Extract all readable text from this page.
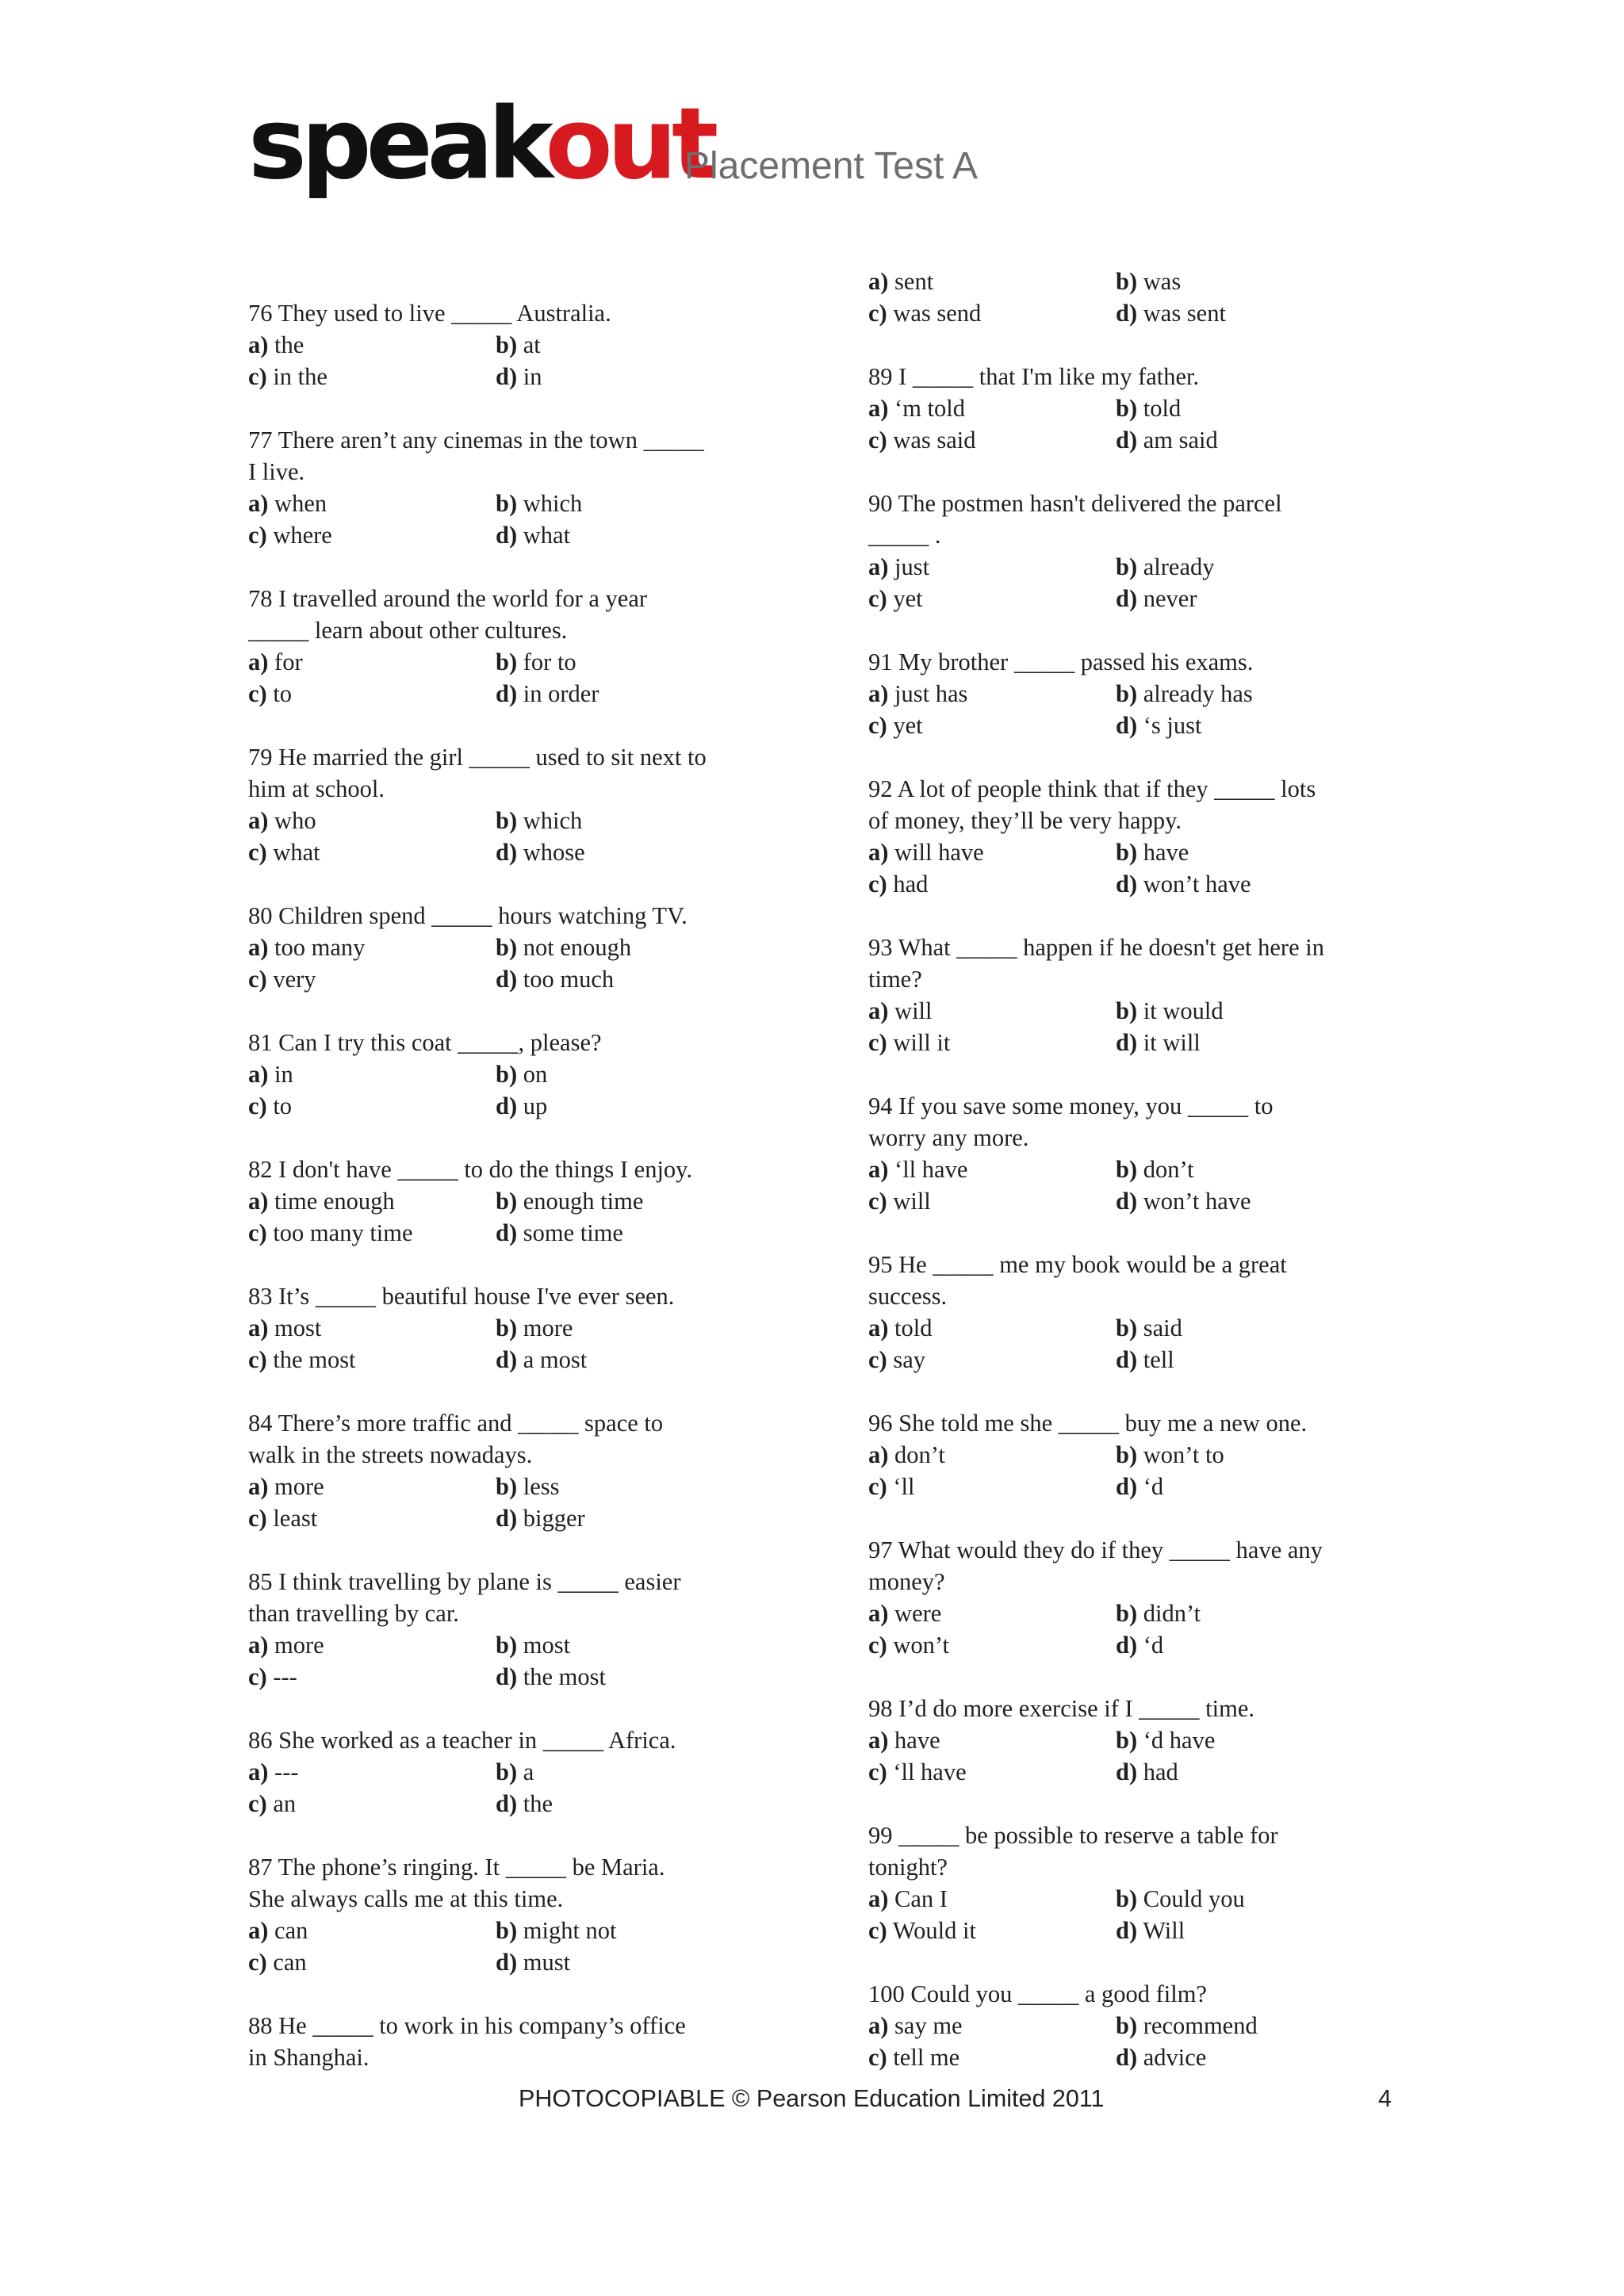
speakout
Placement Test A
76 They used to live _____ Australia.
a) the	b) at
c) in the	d) in
77 There aren’t any cinemas in the town _____
I live.
a) when	b) which
c) where	d) what
78 I travelled around the world for a year
_____ learn about other cultures.
a) for	b) for to
c) to	d) in order
79 He married the girl _____ used to sit next to
him at school.
a) who	b) which
c) what	d) whose
80 Children spend _____ hours watching TV.
a) too many	b) not enough
c) very	d) too much
81 Can I try this coat _____, please?
a) in	b) on
c) to	d) up
82 I don't have _____ to do the things I enjoy.
a) time enough	b) enough time
c) too many time	d) some time
83 It’s _____ beautiful house I've ever seen.
a) most	b) more
c) the most	d) a most
84 There’s more traffic and _____ space to
walk in the streets nowadays.
a) more	b) less
c) least	d) bigger
85 I think travelling by plane is _____ easier
than travelling by car.
a) more	b) most
c) ---	d) the most
86 She worked as a teacher in _____ Africa.
a) ---	b) a
c) an	d) the
87 The phone’s ringing. It _____ be Maria.
She always calls me at this time.
a) can	b) might not
c) can	d) must
88 He _____ to work in his company’s office
in Shanghai.
a) sent	b) was
c) was send	d) was sent
89 I _____ that I'm like my father.
a) ‘m told	b) told
c) was said	d) am said
90 The postmen hasn't delivered the parcel
_____ .
a) just	b) already
c) yet	d) never
91 My brother _____ passed his exams.
a) just has	b) already has
c) yet	d) ‘s just
92 A lot of people think that if they _____ lots
of money, they’ll be very happy.
a) will have	b) have
c) had	d) won’t have
93 What _____ happen if he doesn't get here in
time?
a) will	b) it would
c) will it	d) it will
94 If you save some money, you _____ to
worry any more.
a) ‘ll have	b) don’t
c) will	d) won’t have
95 He _____ me my book would be a great
success.
a) told	b) said
c) say	d) tell
96 She told me she _____ buy me a new one.
a) don’t	b) won’t to
c) ‘ll	d) ‘d
97 What would they do if they _____ have any
money?
a) were	b) didn’t
c) won’t	d) ‘d
98 I’d do more exercise if I _____ time.
a) have	b) ‘d have
c) ‘ll have	d) had
99 _____ be possible to reserve a table for
tonight?
a) Can I	b) Could you
c) Would it	d) Will
100 Could you _____ a good film?
a) say me	b) recommend
c) tell me	d) advice
PHOTOCOPIABLE © Pearson Education Limited 2011	4
